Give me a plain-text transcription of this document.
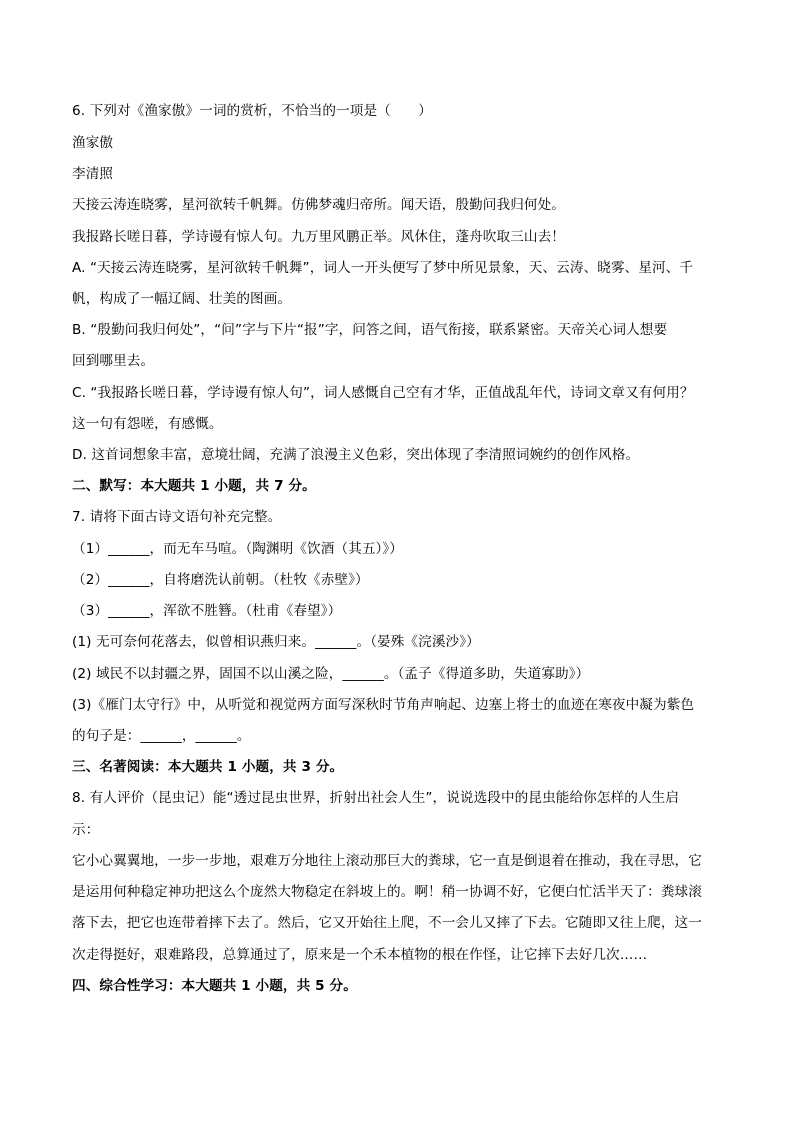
6. 下列对《渔家傲》一词的赏析，不恰当的一项是（　　）
渔家傲
李清照
天接云涛连晓雾，星河欲转千帆舞。仿佛梦魂归帝所。闻天语，殷勤问我归何处。
我报路长嗟日暮，学诗谩有惊人句。九万里风鹏正举。风休住，蓬舟吹取三山去！
A. “天接云涛连晓雾，星河欲转千帆舞”，词人一开头便写了梦中所见景象，天、云涛、晓雾、星河、千
帆，构成了一幅辽阔、壮美的图画。
B. “殷勤问我归何处”，“问”字与下片“报”字，问答之间，语气衔接，联系紧密。天帝关心词人想要
回到哪里去。
C. “我报路长嗟日暮，学诗谩有惊人句”，词人感慨自己空有才华，正值战乱年代，诗词文章又有何用？
这一句有怨嗟，有感慨。
D. 这首词想象丰富，意境壮阔，充满了浪漫主义色彩，突出体现了李清照词婉约的创作风格。
二、默写：本大题共 1 小题，共 7 分。
7. 请将下面古诗文语句补充完整。
（1）______，而无车马喧。（陶渊明《饮酒（其五）》）
（2）______，自将磨洗认前朝。（杜牧《赤壁》）
（3）______，浑欲不胜簪。（杜甫《春望》）
(1) 无可奈何花落去，似曾相识燕归来。______。（晏殊《浣溪沙》）
(2) 域民不以封疆之界，固国不以山溪之险，______。（孟子《得道多助，失道寡助》）
(3)《雁门太守行》中，从听觉和视觉两方面写深秋时节角声响起、边塞上将士的血迹在寒夜中凝为紫色
的句子是：______，______。
三、名著阅读：本大题共 1 小题，共 3 分。
8. 有人评价（昆虫记）能“透过昆虫世界，折射出社会人生”，说说选段中的昆虫能给你怎样的人生启
示：
它小心翼翼地，一步一步地，艰难万分地往上滚动那巨大的粪球，它一直是倒退着在推动，我在寻思，它
是运用何种稳定神功把这么个庞然大物稳定在斜坡上的。啊！稍一协调不好，它便白忙活半天了：粪球滚
落下去，把它也连带着摔下去了。然后，它又开始往上爬，不一会儿又摔了下去。它随即又往上爬，这一
次走得挺好，艰难路段，总算通过了，原来是一个禾本植物的根在作怪，让它摔下去好几次……
四、综合性学习：本大题共 1 小题，共 5 分。
